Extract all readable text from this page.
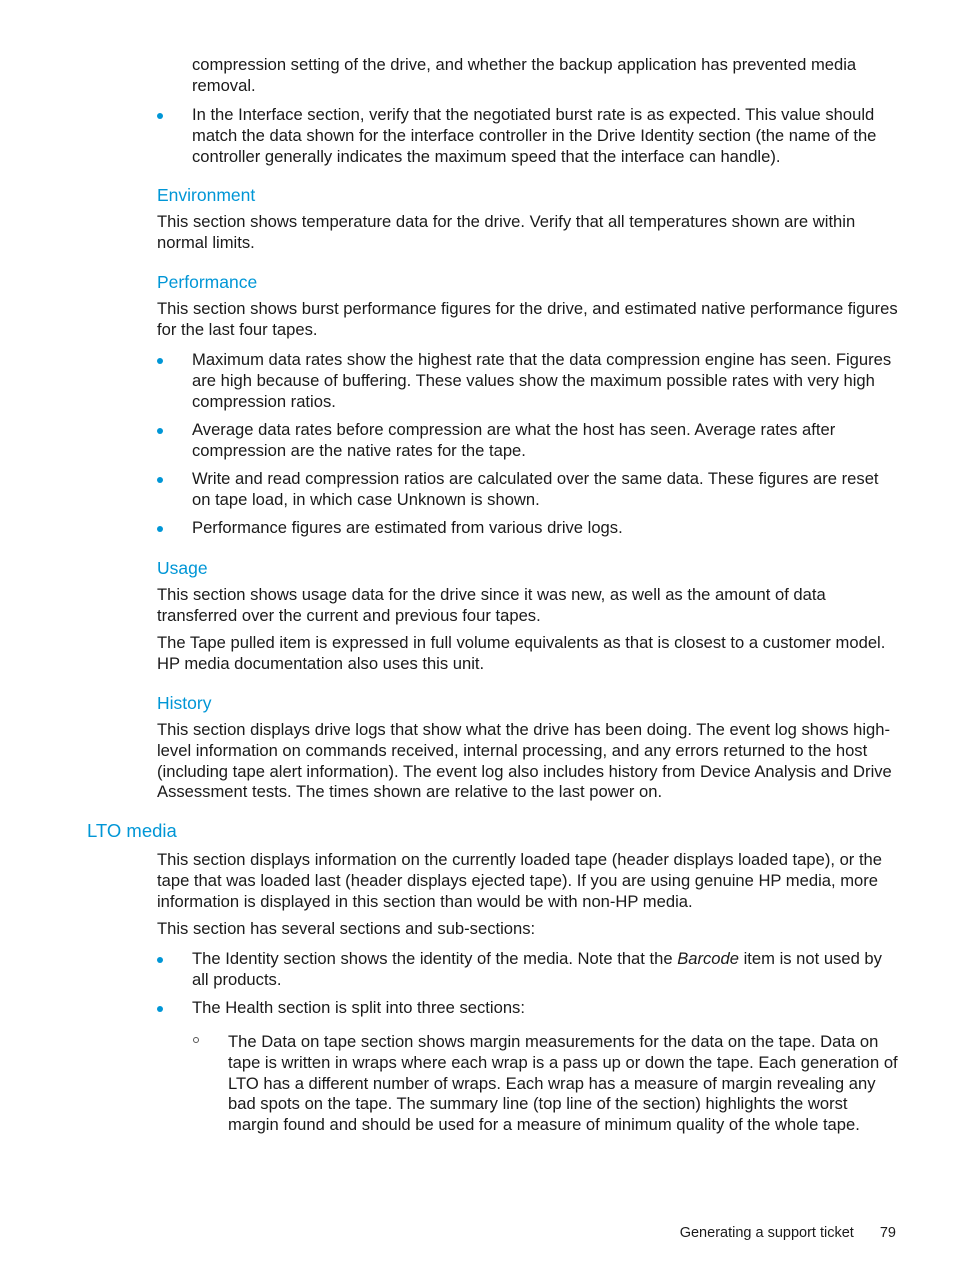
compression setting of the drive, and whether the backup application has prevented media removal.
In the Interface section, verify that the negotiated burst rate is as expected. This value should match the data shown for the interface controller in the Drive Identity section (the name of the controller generally indicates the maximum speed that the interface can handle).
Environment
This section shows temperature data for the drive. Verify that all temperatures shown are within normal limits.
Performance
This section shows burst performance figures for the drive, and estimated native performance figures for the last four tapes.
Maximum data rates show the highest rate that the data compression engine has seen. Figures are high because of buffering. These values show the maximum possible rates with very high compression ratios.
Average data rates before compression are what the host has seen. Average rates after compression are the native rates for the tape.
Write and read compression ratios are calculated over the same data. These figures are reset on tape load, in which case Unknown is shown.
Performance figures are estimated from various drive logs.
Usage
This section shows usage data for the drive since it was new, as well as the amount of data transferred over the current and previous four tapes.
The Tape pulled item is expressed in full volume equivalents as that is closest to a customer model. HP media documentation also uses this unit.
History
This section displays drive logs that show what the drive has been doing. The event log shows high-level information on commands received, internal processing, and any errors returned to the host (including tape alert information). The event log also includes history from Device Analysis and Drive Assessment tests. The times shown are relative to the last power on.
LTO media
This section displays information on the currently loaded tape (header displays loaded tape), or the tape that was loaded last (header displays ejected tape). If you are using genuine HP media, more information is displayed in this section than would be with non-HP media.
This section has several sections and sub-sections:
The Identity section shows the identity of the media. Note that the Barcode item is not used by all products.
The Health section is split into three sections:
The Data on tape section shows margin measurements for the data on the tape. Data on tape is written in wraps where each wrap is a pass up or down the tape. Each generation of LTO has a different number of wraps. Each wrap has a measure of margin revealing any bad spots on the tape. The summary line (top line of the section) highlights the worst margin found and should be used for a measure of minimum quality of the whole tape.
Generating a support ticket 79
